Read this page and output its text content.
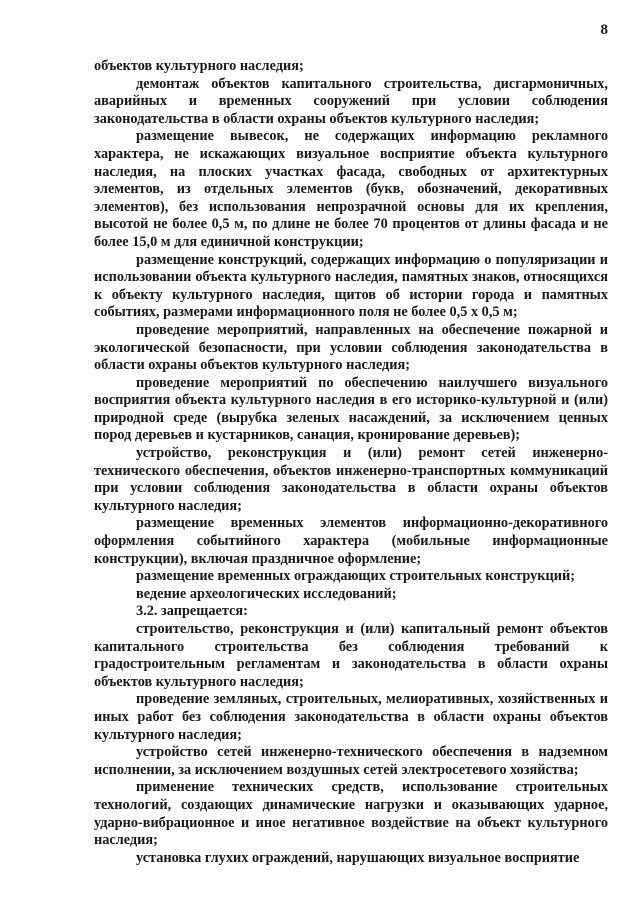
8

объектов культурного наследия;

демонтаж объектов капитального строительства, дисгармоничных, аварийных и временных сооружений при условии соблюдения законодательства в области охраны объектов культурного наследия;

размещение вывесок, не содержащих информацию рекламного характера, не искажающих визуальное восприятие объекта культурного наследия, на плоских участках фасада, свободных от архитектурных элементов, из отдельных элементов (букв, обозначений, декоративных элементов), без использования непрозрачной основы для их крепления, высотой не более 0,5 м, по длине не более 70 процентов от длины фасада и не более 15,0 м для единичной конструкции;

размещение конструкций, содержащих информацию о популяризации и использовании объекта культурного наследия, памятных знаков, относящихся к объекту культурного наследия, щитов об истории города и памятных событиях, размерами информационного поля не более 0,5 х 0,5 м;

проведение мероприятий, направленных на обеспечение пожарной и экологической безопасности, при условии соблюдения законодательства в области охраны объектов культурного наследия;

проведение мероприятий по обеспечению наилучшего визуального восприятия объекта культурного наследия в его историко-культурной и (или) природной среде (вырубка зеленых насаждений, за исключением ценных пород деревьев и кустарников, санация, кронирование деревьев);

устройство, реконструкция и (или) ремонт сетей инженерно-технического обеспечения, объектов инженерно-транспортных коммуникаций при условии соблюдения законодательства в области охраны объектов культурного наследия;

размещение временных элементов информационно-декоративного оформления событийного характера (мобильные информационные конструкции), включая праздничное оформление;

размещение временных ограждающих строительных конструкций;

ведение археологических исследований;

3.2. запрещается:

строительство, реконструкция и (или) капитальный ремонт объектов капитального строительства без соблюдения требований к градостроительным регламентам и законодательства в области охраны объектов культурного наследия;

проведение земляных, строительных, мелиоративных, хозяйственных и иных работ без соблюдения законодательства в области охраны объектов культурного наследия;

устройство сетей инженерно-технического обеспечения в надземном исполнении, за исключением воздушных сетей электросетевого хозяйства;

применение технических средств, использование строительных технологий, создающих динамические нагрузки и оказывающих ударное, ударно-вибрационное и иное негативное воздействие на объект культурного наследия;

установка глухих ограждений, нарушающих визуальное восприятие
